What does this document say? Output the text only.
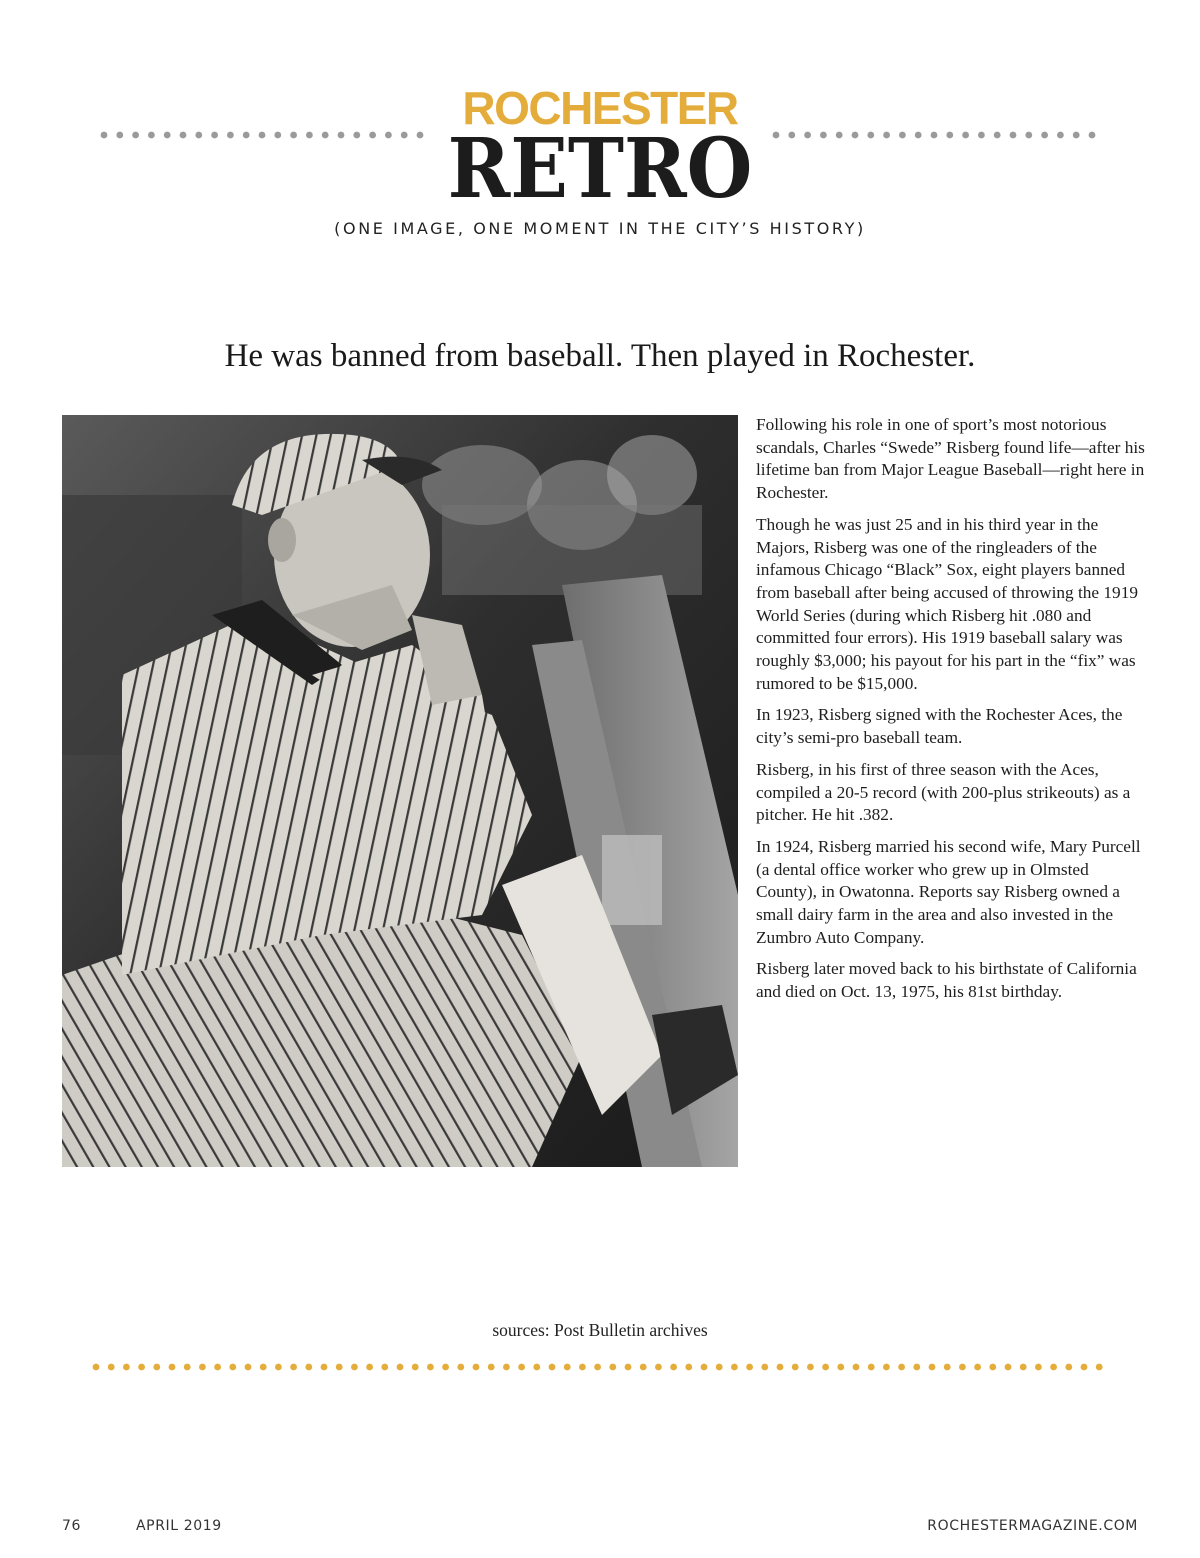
ROCHESTER
RETRO
(ONE IMAGE, ONE MOMENT IN THE CITY’S HISTORY)
He was banned from baseball. Then played in Rochester.

Following his role in one of sport’s most notorious scandals, Charles “Swede” Risberg found life—after his lifetime ban from Major League Baseball—right here in Rochester.

Though he was just 25 and in his third year in the Majors, Risberg was one of the ringleaders of the infamous Chicago “Black” Sox, eight players banned from baseball after being accused of throwing the 1919 World Series (during which Risberg hit .080 and committed four errors). His 1919 baseball salary was roughly $3,000; his payout for his part in the “fix” was rumored to be $15,000.

In 1923, Risberg signed with the Rochester Aces, the city’s semi-pro baseball team.

Risberg, in his first of three season with the Aces, compiled a 20-5 record (with 200-plus strikeouts) as a pitcher. He hit .382.

In 1924, Risberg married his second wife, Mary Purcell (a dental office worker who grew up in Olmsted County), in Owatonna. Reports say Risberg owned a small dairy farm in the area and also invested in the Zumbro Auto Company.

Risberg later moved back to his birthstate of California and died on Oct. 13, 1975, his 81st birthday.

sources: Post Bulletin archives
76	APRIL 2019	ROCHESTERMAGAZINE.COM
